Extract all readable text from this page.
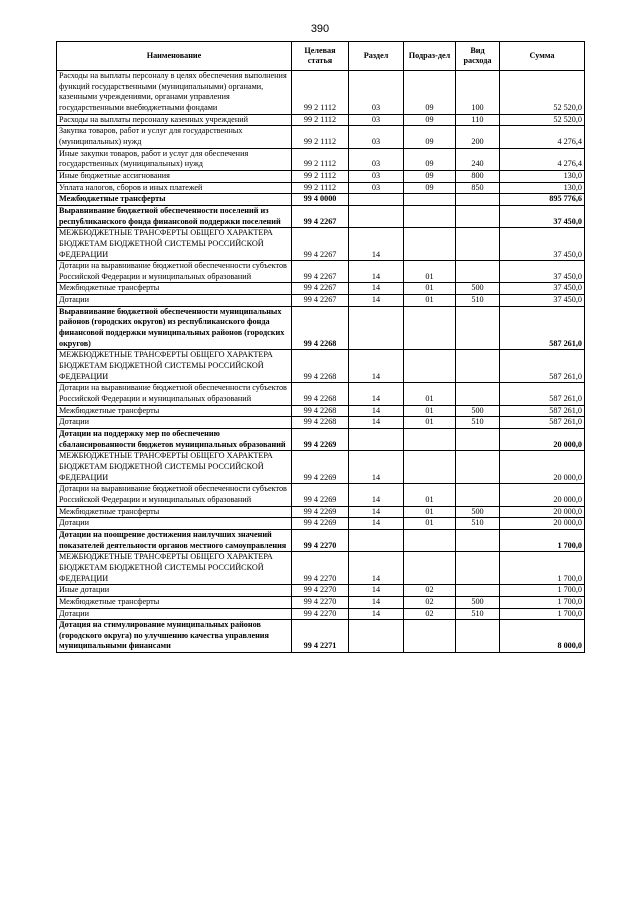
390
Наименование	Целевая статья	Раздел	Подраз-дел	Вид расхода	Сумма
Расходы на выплаты персоналу в целях обеспечения выполнения функций государственными (муниципальными) органами, казенными учреждениями, органами управления государственными внебюджетными фондами	99 2 1112	03	09	100	52 520,0
Расходы на выплаты персоналу казенных учреждений	99 2 1112	03	09	110	52 520,0
Закупка товаров, работ и услуг для государственных (муниципальных) нужд	99 2 1112	03	09	200	4 276,4
Иные закупки товаров, работ и услуг для обеспечения государственных (муниципальных) нужд	99 2 1112	03	09	240	4 276,4
Иные бюджетные ассигнования	99 2 1112	03	09	800	130,0
Уплата налогов, сборов и иных платежей	99 2 1112	03	09	850	130,0
Межбюджетные трансферты	99 4 0000				895 776,6
Выравнивание бюджетной обеспеченности поселений из республиканского фонда финансовой поддержки поселений	99 4 2267				37 450,0
МЕЖБЮДЖЕТНЫЕ ТРАНСФЕРТЫ ОБЩЕГО ХАРАКТЕРА БЮДЖЕТАМ БЮДЖЕТНОЙ СИСТЕМЫ РОССИЙСКОЙ ФЕДЕРАЦИИ	99 4 2267	14			37 450,0
Дотации на выравнивание бюджетной обеспеченности субъектов Российской Федерации и муниципальных образований	99 4 2267	14	01		37 450,0
Межбюджетные трансферты	99 4 2267	14	01	500	37 450,0
Дотации	99 4 2267	14	01	510	37 450,0
Выравнивание бюджетной обеспеченности муниципальных районов (городских округов) из республиканского фонда финансовой поддержки муниципальных районов (городских округов)	99 4 2268				587 261,0
МЕЖБЮДЖЕТНЫЕ ТРАНСФЕРТЫ ОБЩЕГО ХАРАКТЕРА БЮДЖЕТАМ БЮДЖЕТНОЙ СИСТЕМЫ РОССИЙСКОЙ ФЕДЕРАЦИИ	99 4 2268	14			587 261,0
Дотации на выравнивание бюджетной обеспеченности субъектов Российской Федерации и муниципальных образований	99 4 2268	14	01		587 261,0
Межбюджетные трансферты	99 4 2268	14	01	500	587 261,0
Дотации	99 4 2268	14	01	510	587 261,0
Дотации на поддержку мер по обеспечению сбалансированности бюджетов муниципальных образований	99 4 2269				20 000,0
МЕЖБЮДЖЕТНЫЕ ТРАНСФЕРТЫ ОБЩЕГО ХАРАКТЕРА БЮДЖЕТАМ БЮДЖЕТНОЙ СИСТЕМЫ РОССИЙСКОЙ ФЕДЕРАЦИИ	99 4 2269	14			20 000,0
Дотации на выравнивание бюджетной обеспеченности субъектов Российской Федерации и муниципальных образований	99 4 2269	14	01		20 000,0
Межбюджетные трансферты	99 4 2269	14	01	500	20 000,0
Дотации	99 4 2269	14	01	510	20 000,0
Дотации на поощрение достижения наилучших значений показателей деятельности органов местного самоуправления	99 4 2270				1 700,0
МЕЖБЮДЖЕТНЫЕ ТРАНСФЕРТЫ ОБЩЕГО ХАРАКТЕРА БЮДЖЕТАМ БЮДЖЕТНОЙ СИСТЕМЫ РОССИЙСКОЙ ФЕДЕРАЦИИ	99 4 2270	14			1 700,0
Иные дотации	99 4 2270	14	02		1 700,0
Межбюджетные трансферты	99 4 2270	14	02	500	1 700,0
Дотации	99 4 2270	14	02	510	1 700,0
Дотация на стимулирование муниципальных районов (городского округа) по улучшению качества управления муниципальными финансами	99 4 2271				8 000,0
